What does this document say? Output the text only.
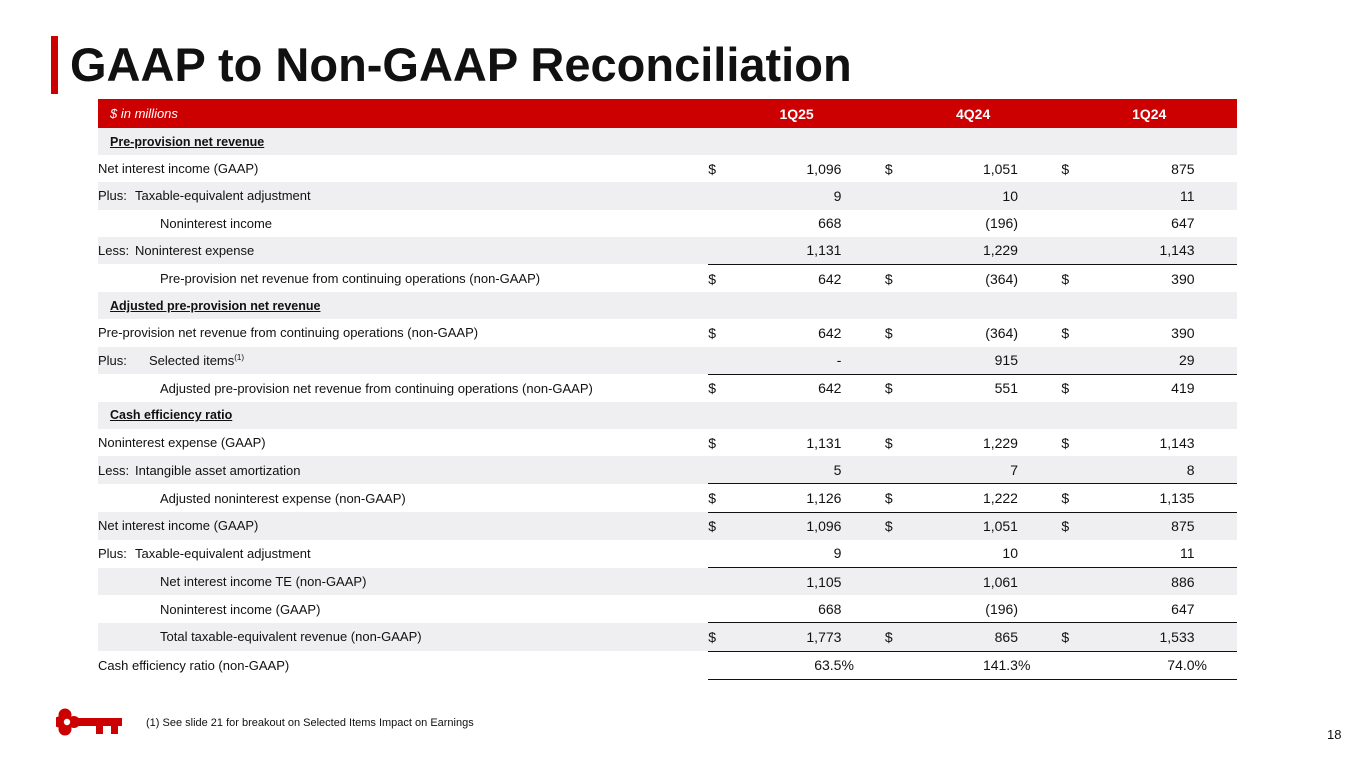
GAAP to Non-GAAP Reconciliation
$ in millions	1Q25			4Q24			1Q24		
Pre-provision net revenue									
Net interest income (GAAP)	$	1,096		$	1,051		$	875	
Plus: Taxable-equivalent adjustment		9			10			11	
Noninterest income		668			(196)			647	
Less: Noninterest expense		1,131			1,229			1,143	
Pre-provision net revenue from continuing operations (non-GAAP)	$	642		$	(364)		$	390	
Adjusted pre-provision net revenue									
Pre-provision net revenue from continuing operations (non-GAAP)	$	642		$	(364)		$	390	
Plus: Selected items$^{(1)}$		-			915			29	
Adjusted pre-provision net revenue from continuing operations (non-GAAP)	$	642		$	551		$	419	
Cash efficiency ratio									
Noninterest expense (GAAP)	$	1,131		$	1,229		$	1,143	
Less: Intangible asset amortization		5			7			8	
Adjusted noninterest expense (non-GAAP)	$	1,126		$	1,222		$	1,135	
Net interest income (GAAP)	$	1,096		$	1,051		$	875	
Plus: Taxable-equivalent adjustment		9			10			11	
Net interest income TE (non-GAAP)		1,105			1,061			886	
Noninterest income (GAAP)		668			(196)			647	
Total taxable-equivalent revenue (non-GAAP)	$	1,773		$	865		$	1,533	
Cash efficiency ratio (non-GAAP)		63.5	%		141.3	%		74.0	%
(1) See slide 21 for breakout on Selected Items Impact on Earnings
18
